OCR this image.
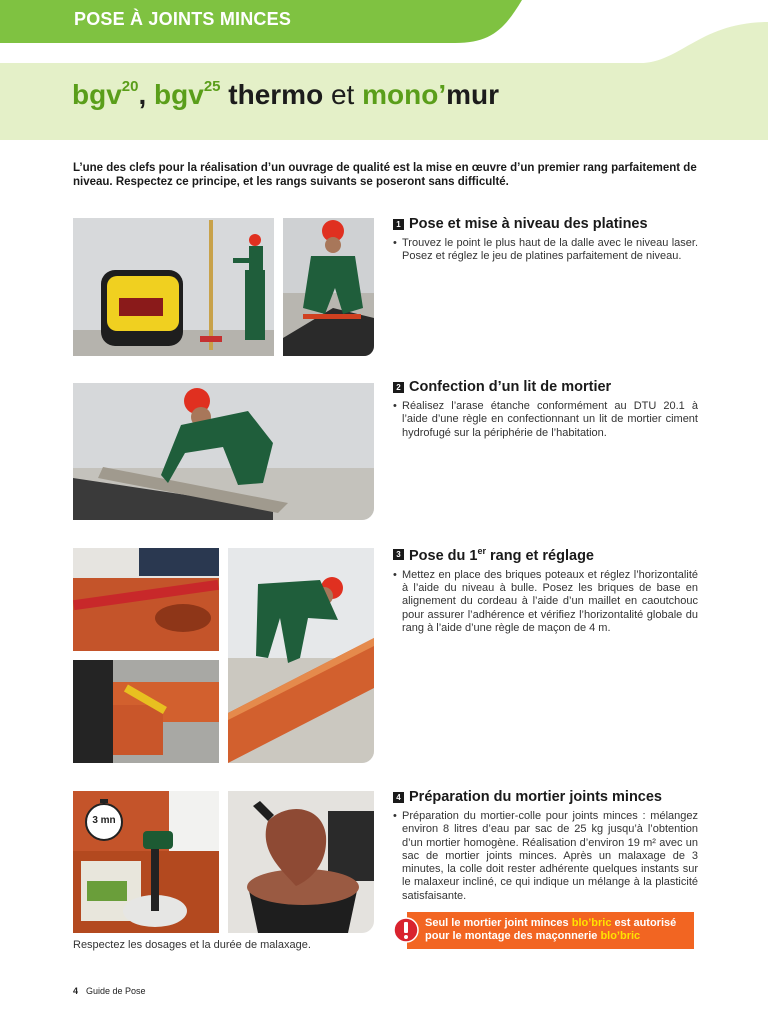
POSE À JOINTS MINCES
bgv$^{20}$, bgv$^{25}$ thermo et mono’mur

L’une des clefs pour la réalisation d’un ouvrage de qualité est la mise en œuvre d’un premier rang parfaitement de niveau. Respectez ce principe, et les rangs suivants se poseront sans difficulté.

1 Pose et mise à niveau des platines
• Trouvez le point le plus haut de la dalle avec le niveau laser. Posez et réglez le jeu de platines parfaitement de niveau.
2 Confection d’un lit de mortier
• Réalisez l’arase étanche conformément au DTU 20.1 à l’aide d’une règle en confectionnant un lit de mortier ciment hydrofugé sur la périphérie de l’habitation.
3 Pose du 1er rang et réglage
• Mettez en place des briques poteaux et réglez l’horizontalité à l’aide du niveau à bulle. Posez les briques de base en alignement du cordeau à l’aide d’un maillet en caoutchouc pour assurer l’adhérence et vérifiez l’horizontalité globale du rang à l’aide d’une règle de maçon de 4 m.
3 mn
4 Préparation du mortier joints minces
• Préparation du mortier-colle pour joints minces : mélangez environ 8 litres d’eau par sac de 25 kg jusqu’à l’obtention d’un mortier homogène. Réalisation d’environ 19 m² avec un sac de mortier joints minces. Après un malaxage de 3 minutes, la colle doit rester adhérente quelques instants sur le malaxeur incliné, ce qui indique un mélange à la plasticité satisfaisante.
Seul le mortier joint minces blo’bric est autorisé
pour le montage des maçonnerie blo’bric

Respectez les dosages et la durée de malaxage.

4 Guide de Pose
